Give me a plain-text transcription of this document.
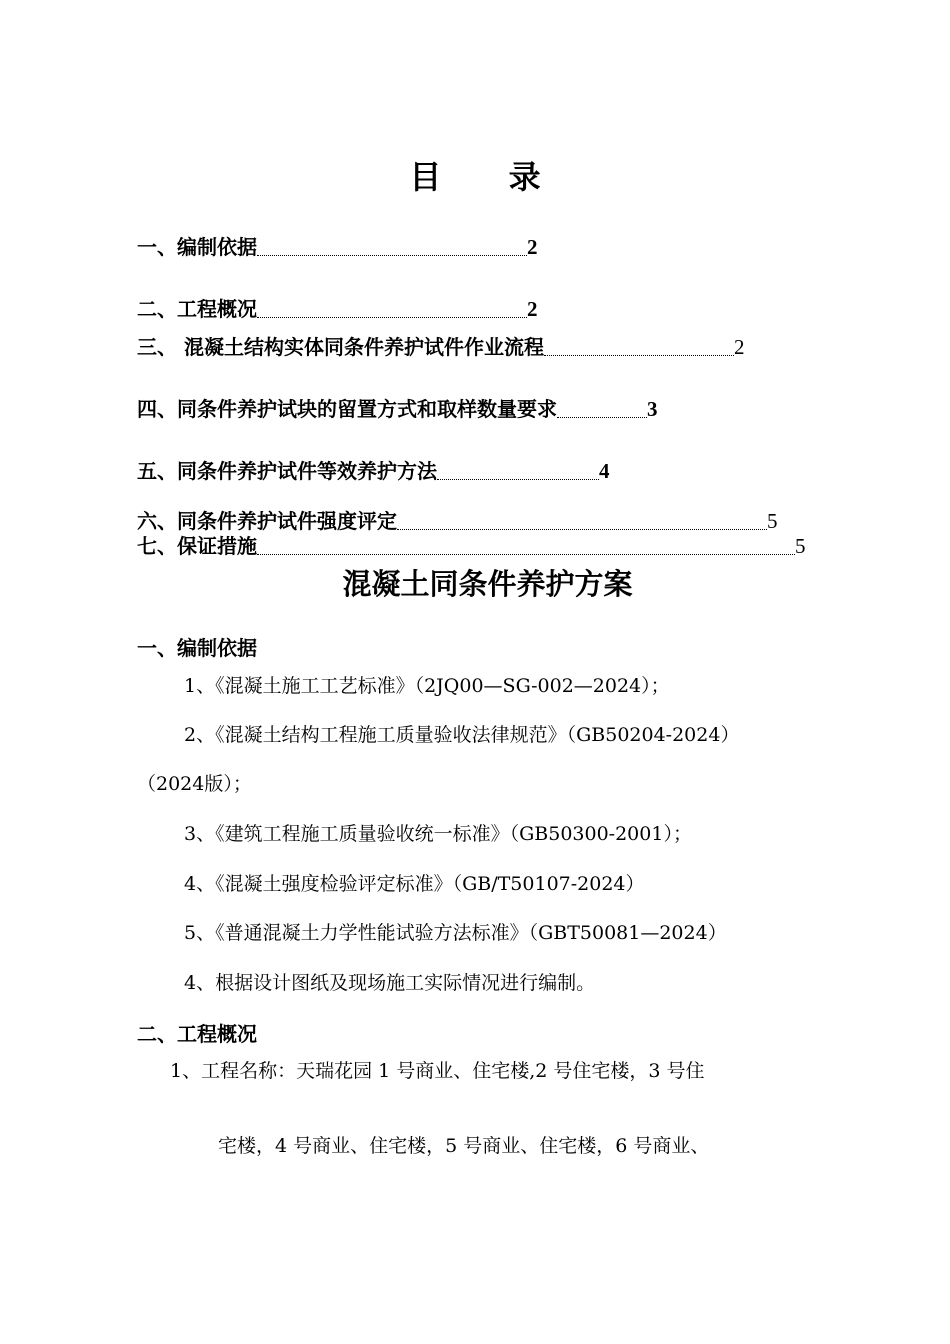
目 录
一、编制依据	2
二、工程概况	2
三、 混凝土结构实体同条件养护试件作业流程	2
四、同条件养护试块的留置方式和取样数量要求	3
五、同条件养护试件等效养护方法	4
六、同条件养护试件强度评定	5
七、保证措施	5
混凝土同条件养护方案
一、编制依据
1、《混凝土施工工艺标准》（2JQ00—SG-002—2024）；
2、《混凝土结构工程施工质量验收法律规范》（GB50204-2024）
（2024版）；
3、《建筑工程施工质量验收统一标准》（GB50300-2001）；
4、《混凝土强度检验评定标准》（GB/T50107-2024）
5、《普通混凝土力学性能试验方法标准》（GBT50081—2024）
4、根据设计图纸及现场施工实际情况进行编制。
二、工程概况
1、工程名称：天瑞花园 1 号商业、住宅楼,2 号住宅楼，3 号住
宅楼，4 号商业、住宅楼，5 号商业、住宅楼，6 号商业、
